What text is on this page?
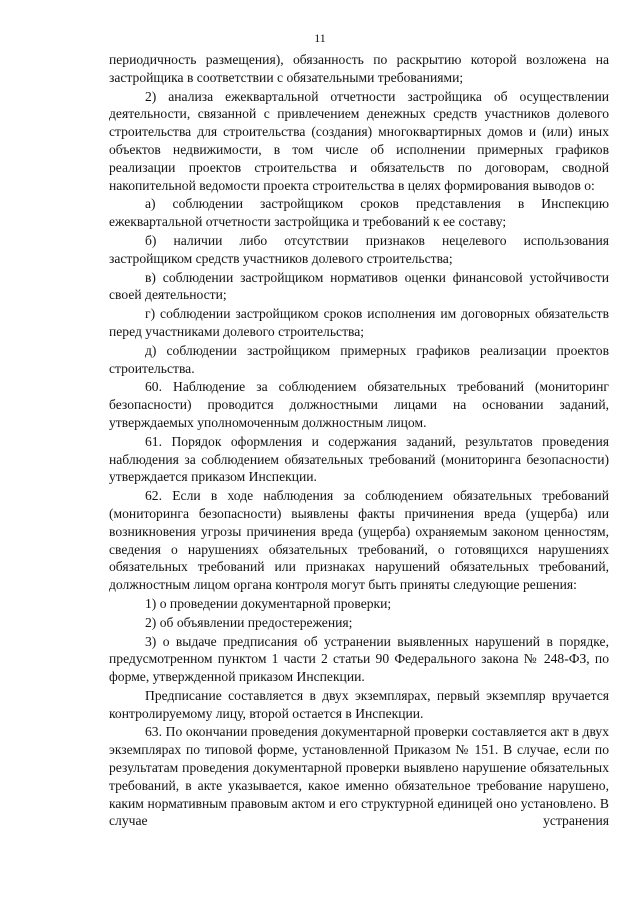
11

периодичность размещения), обязанность по раскрытию которой возложена на застройщика в соответствии с обязательными требованиями;

2) анализа ежеквартальной отчетности застройщика об осуществлении деятельности, связанной с привлечением денежных средств участников долевого строительства для строительства (создания) многоквартирных домов и (или) иных объектов недвижимости, в том числе об исполнении примерных графиков реализации проектов строительства и обязательств по договорам, сводной накопительной ведомости проекта строительства в целях формирования выводов о:

а) соблюдении застройщиком сроков представления в Инспекцию ежеквартальной отчетности застройщика и требований к ее составу;

б) наличии либо отсутствии признаков нецелевого использования застройщиком средств участников долевого строительства;

в) соблюдении застройщиком нормативов оценки финансовой устойчивости своей деятельности;

г) соблюдении застройщиком сроков исполнения им договорных обязательств перед участниками долевого строительства;

д) соблюдении застройщиком примерных графиков реализации проектов строительства.

60. Наблюдение за соблюдением обязательных требований (мониторинг безопасности) проводится должностными лицами на основании заданий, утверждаемых уполномоченным должностным лицом.

61. Порядок оформления и содержания заданий, результатов проведения наблюдения за соблюдением обязательных требований (мониторинга безопасности) утверждается приказом Инспекции.

62. Если в ходе наблюдения за соблюдением обязательных требований (мониторинга безопасности) выявлены факты причинения вреда (ущерба) или возникновения угрозы причинения вреда (ущерба) охраняемым законом ценностям, сведения о нарушениях обязательных требований, о готовящихся нарушениях обязательных требований или признаках нарушений обязательных требований, должностным лицом органа контроля могут быть приняты следующие решения:

1) о проведении документарной проверки;

2) об объявлении предостережения;

3) о выдаче предписания об устранении выявленных нарушений в порядке, предусмотренном пунктом 1 части 2 статьи 90 Федерального закона № 248-ФЗ, по форме, утвержденной приказом Инспекции.

Предписание составляется в двух экземплярах, первый экземпляр вручается контролируемому лицу, второй остается в Инспекции.

63. По окончании проведения документарной проверки составляется акт в двух экземплярах по типовой форме, установленной Приказом № 151. В случае, если по результатам проведения документарной проверки выявлено нарушение обязательных требований, в акте указывается, какое именно обязательное требование нарушено, каким нормативным правовым актом и его структурной единицей оно установлено. В случае устранения
